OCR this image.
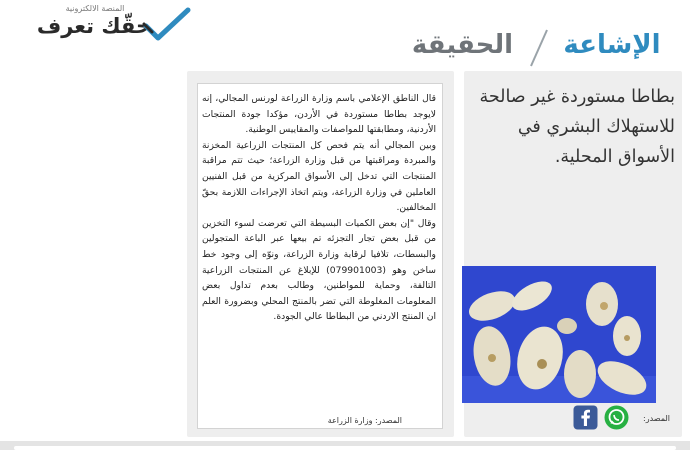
المنصة الالكترونية
حقّك تعرف
الحقيقة	الإشاعة

قال الناطق الإعلامي باسم وزارة الزراعة لورنس المجالي، إنه لايوجد بطاطا مستوردة في الأردن، مؤكدا جودة المنتجات الأردنية، ومطابقتها للمواصفات والمقاييس الوطنية.

وبين المجالي أنه يتم فحص كل المنتجات الزراعية المخزنة والمبردة ومراقبتها من قبل وزارة الزراعة؛ حيث تتم مراقبة المنتجات التي تدخل إلى الأسواق المركزية من قبل الفنيين العاملين في وزارة الزراعة، ويتم اتخاذ الإجراءات اللازمة بحقّ المخالفين.

وقال "إن بعض الكميات البسيطة التي تعرضت لسوء التخزين من قبل بعض تجار التجزئه تم بيعها عبر الباعة المتجولين والبسطات، تلافيا لرقابة وزارة الزراعة، ونوّه إلى وجود خط ساخن وهو (079901003) للإبلاغ عن المنتجات الزراعية التالفة، وحماية للمواطنين، وطالب بعدم تداول بعض المعلومات المغلوطة التي تضر بالمنتج المحلي وبضرورة العلم ان المنتج الاردني من البطاطا عالي الجودة.

المصدر: وزارة الزراعة
بطاطا مستوردة غير صالحة للاستهلاك البشري في الأسواق المحلية.
المصدر:
